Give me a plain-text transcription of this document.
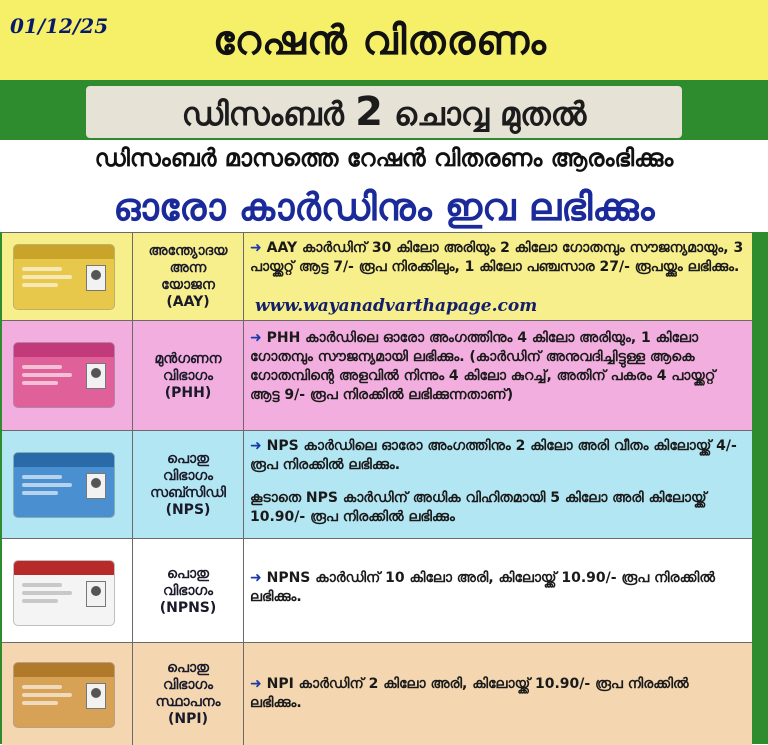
01/12/25	റേഷൻ വിതരണം
ഡിസംബർ 2 ചൊവ്വ മുതൽ
ഡിസംബർ മാസത്തെ റേഷൻ വിതരണം ആരംഭിക്കും
ഓരോ കാർഡിനും ഇവ ലഭിക്കും
അന്ത്യോദയ
അന്ന
യോജന
(AAY)
➜ AAY കാർഡിന് 30 കിലോ അരിയും 2 കിലോ ഗോതമ്പും സൗജന്യമായും, 3 പായ്ക്കറ്റ് ആട്ട 7/- രൂപ നിരക്കിലും, 1 കിലോ പഞ്ചസാര 27/- രൂപയ്ക്കും ലഭിക്കും.
മുൻഗണന
വിഭാഗം
(PHH)
➜ PHH കാർഡിലെ ഓരോ അംഗത്തിനും 4 കിലോ അരിയും, 1 കിലോ ഗോതമ്പും സൗജന്യമായി ലഭിക്കും. (കാർഡിന് അനുവദിച്ചിട്ടുള്ള ആകെ ഗോതമ്പിന്റെ അളവിൽ നിന്നും 4 കിലോ കുറച്ച്, അതിന് പകരം 4 പായ്ക്കറ്റ് ആട്ട 9/- രൂപ നിരക്കിൽ ലഭിക്കുന്നതാണ്)
പൊതു
വിഭാഗം
സബ്സിഡി
(NPS)
➜ NPS കാർഡിലെ ഓരോ അംഗത്തിനും 2 കിലോ അരി വീതം കിലോയ്ക്ക് 4/- രൂപ നിരക്കിൽ ലഭിക്കും.
കൂടാതെ NPS കാർഡിന് അധിക വിഹിതമായി 5 കിലോ അരി കിലോയ്ക്ക് 10.90/- രൂപ നിരക്കിൽ ലഭിക്കും
പൊതു
വിഭാഗം
(NPNS)
➜ NPNS കാർഡിന് 10 കിലോ അരി, കിലോയ്ക്ക് 10.90/- രൂപ നിരക്കിൽ ലഭിക്കും.
പൊതു
വിഭാഗം
സ്ഥാപനം
(NPI)
➜ NPI കാർഡിന് 2 കിലോ അരി, കിലോയ്ക്ക് 10.90/- രൂപ നിരക്കിൽ ലഭിക്കും.
www.wayanadvarthapage.com
